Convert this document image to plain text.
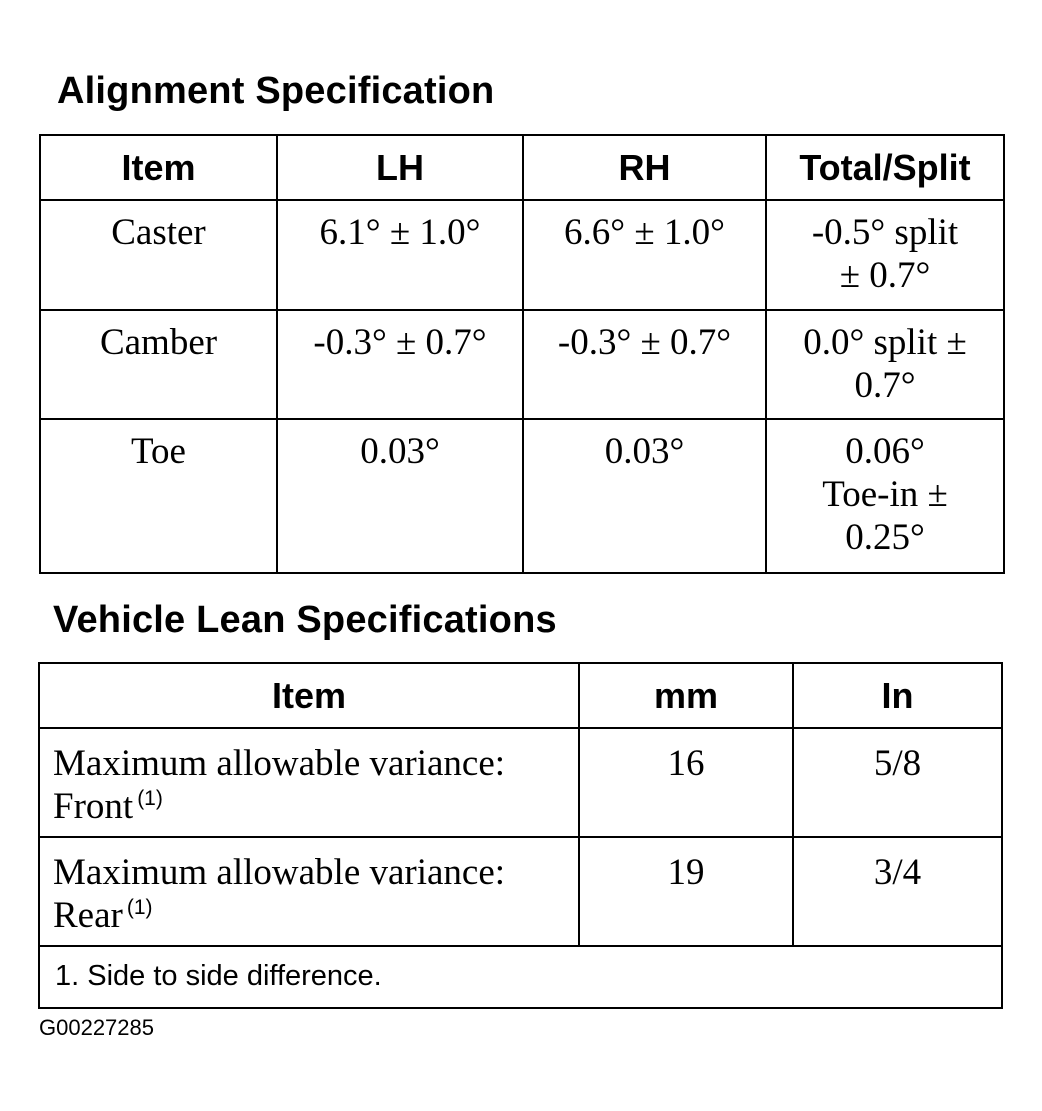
Alignment Specification
Item	LH	RH	Total/Split
Caster	6.1° ± 1.0°	6.6° ± 1.0°	-0.5° split
± 0.7°
Camber	-0.3° ± 0.7°	-0.3° ± 0.7°	0.0° split ±
0.7°
Toe	0.03°	0.03°	0.06°
Toe-in ±
0.25°
Vehicle Lean Specifications
Item	mm	In
Maximum allowable variance:
Front $^{(1)}$	16	5/8
Maximum allowable variance:
Rear $^{(1)}$	19	3/4
1. Side to side difference.		

G00227285
